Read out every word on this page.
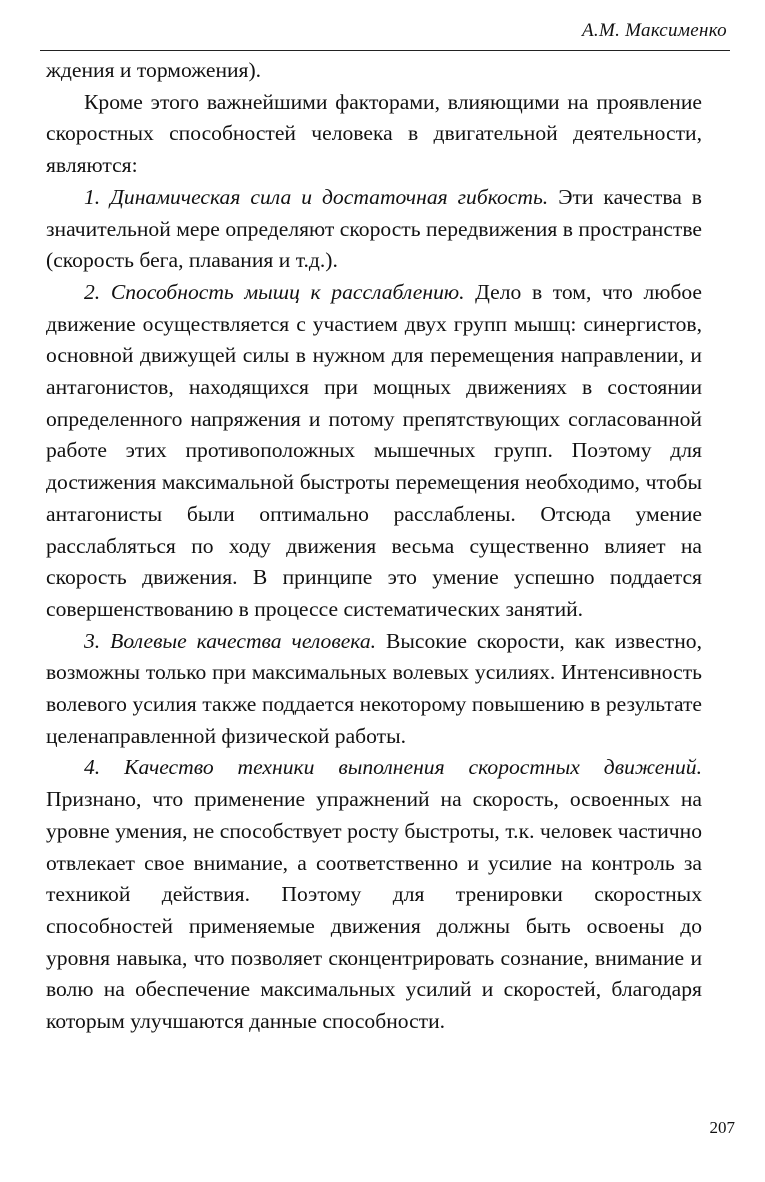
А.М. Максименко

ждения и торможения).

Кроме этого важнейшими факторами, влияющими на проявление скоростных способностей человека в двигательной деятельности, являются:

1. Динамическая сила и достаточная гибкость. Эти качества в значительной мере определяют скорость передвижения в пространстве (скорость бега, плавания и т.д.).

2. Способность мышц к расслаблению. Дело в том, что любое движение осуществляется с участием двух групп мышц: синергистов, основной движущей силы в нужном для перемещения направлении, и антагонистов, находящихся при мощных движениях в состоянии определенного напряжения и потому препятствующих согласованной работе этих противоположных мышечных групп. Поэтому для достижения максимальной быстроты перемещения необходимо, чтобы антагонисты были оптимально расслаблены. Отсюда умение расслабляться по ходу движения весьма существенно влияет на скорость движения. В принципе это умение успешно поддается совершенствованию в процессе систематических занятий.

3. Волевые качества человека. Высокие скорости, как известно, возможны только при максимальных волевых усилиях. Интенсивность волевого усилия также поддается некоторому повышению в результате целенаправленной физической работы.

4. Качество техники выполнения скоростных движений. Признано, что применение упражнений на скорость, освоенных на уровне умения, не способствует росту быстроты, т.к. человек частично отвлекает свое внимание, а соответственно и усилие на контроль за техникой действия. Поэтому для тренировки скоростных способностей применяемые движения должны быть освоены до уровня навыка, что позволяет сконцентрировать сознание, внимание и волю на обеспечение максимальных усилий и скоростей, благодаря которым улучшаются данные способности.

207
